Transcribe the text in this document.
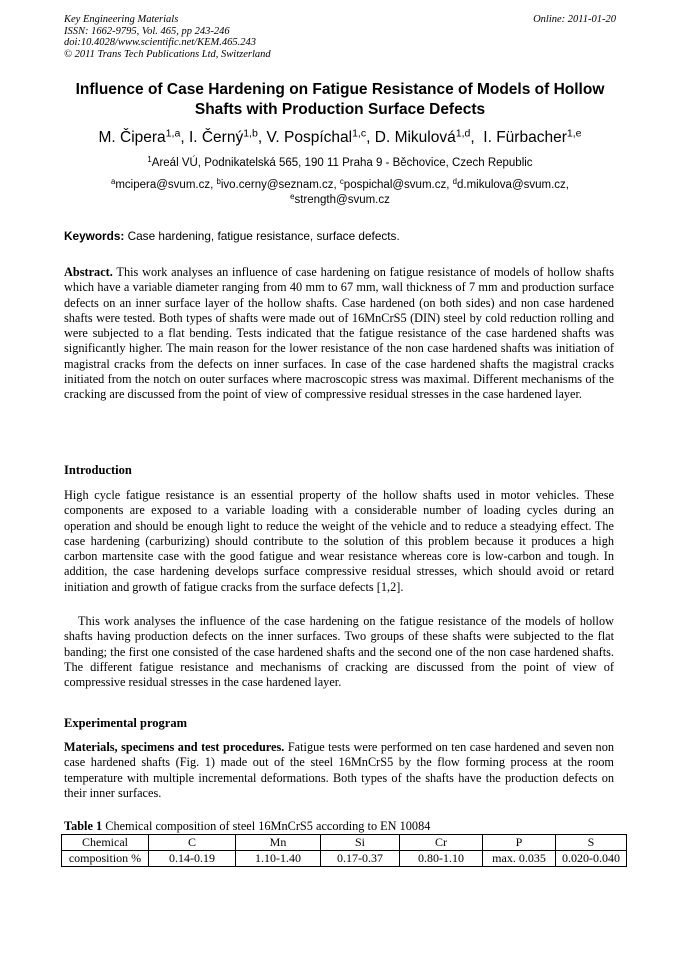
Key Engineering Materials
ISSN: 1662-9795, Vol. 465, pp 243-246
doi:10.4028/www.scientific.net/KEM.465.243
© 2011 Trans Tech Publications Ltd, Switzerland
Online: 2011-01-20
Influence of Case Hardening on Fatigue Resistance of Models of Hollow
Shafts with Production Surface Defects
M. Čipera$^{1,a}$, I. Černý$^{1,b}$, V. Pospíchal$^{1,c}$, D. Mikulová$^{1,d}$,  I. Fürbacher$^{1,e}$
$^1$Areál VÚ, Podnikatelská 565, 190 11 Praha 9 - Běchovice, Czech Republic
$^a$mcipera@svum.cz, $^b$ivo.cerny@seznam.cz, $^c$pospichal@svum.cz, $^d$d.mikulova@svum.cz,
$^e$strength@svum.cz
Keywords: Case hardening, fatigue resistance, surface defects.

Abstract. This work analyses an influence of case hardening on fatigue resistance of models of hollow shafts which have a variable diameter ranging from 40 mm to 67 mm, wall thickness of 7 mm and production surface defects on an inner surface layer of the hollow shafts. Case hardened (on both sides) and non case hardened shafts were tested. Both types of shafts were made out of 16MnCrS5 (DIN) steel by cold reduction rolling and were subjected to a flat bending. Tests indicated that the fatigue resistance of the case hardened shafts was significantly higher. The main reason for the lower resistance of the non case hardened shafts was initiation of magistral cracks from the defects on inner surfaces. In case of the case hardened shafts the magistral cracks initiated from the notch on outer surfaces where macroscopic stress was maximal. Different mechanisms of the cracking are discussed from the point of view of compressive residual stresses in the case hardened layer.

Introduction

High cycle fatigue resistance is an essential property of the hollow shafts used in motor vehicles. These components are exposed to a variable loading with a considerable number of loading cycles during an operation and should be enough light to reduce the weight of the vehicle and to reduce a steadying effect. The case hardening (carburizing) should contribute to the solution of this problem because it produces a high carbon martensite case with the good fatigue and wear resistance whereas core is low-carbon and tough. In addition, the case hardening develops surface compressive residual stresses, which should avoid or retard initiation and growth of fatigue cracks from the surface defects [1,2].

This work analyses the influence of the case hardening on the fatigue resistance of the models of hollow shafts having production defects on the inner surfaces. Two groups of these shafts were subjected to the flat banding; the first one consisted of the case hardened shafts and the second one of the non case hardened shafts. The different fatigue resistance and mechanisms of cracking are discussed from the point of view of compressive residual stresses in the case hardened layer.

Experimental program

Materials, specimens and test procedures. Fatigue tests were performed on ten case hardened and seven non case hardened shafts (Fig. 1) made out of the steel 16MnCrS5 by the flow forming process at the room temperature with multiple incremental deformations. Both types of the shafts have the production defects on their inner surfaces.

Table 1 Chemical composition of steel 16MnCrS5 according to EN 10084
Chemical	C	Mn	Si	Cr	P	S
composition %	0.14-0.19	1.10-1.40	0.17-0.37	0.80-1.10	max. 0.035	0.020-0.040
